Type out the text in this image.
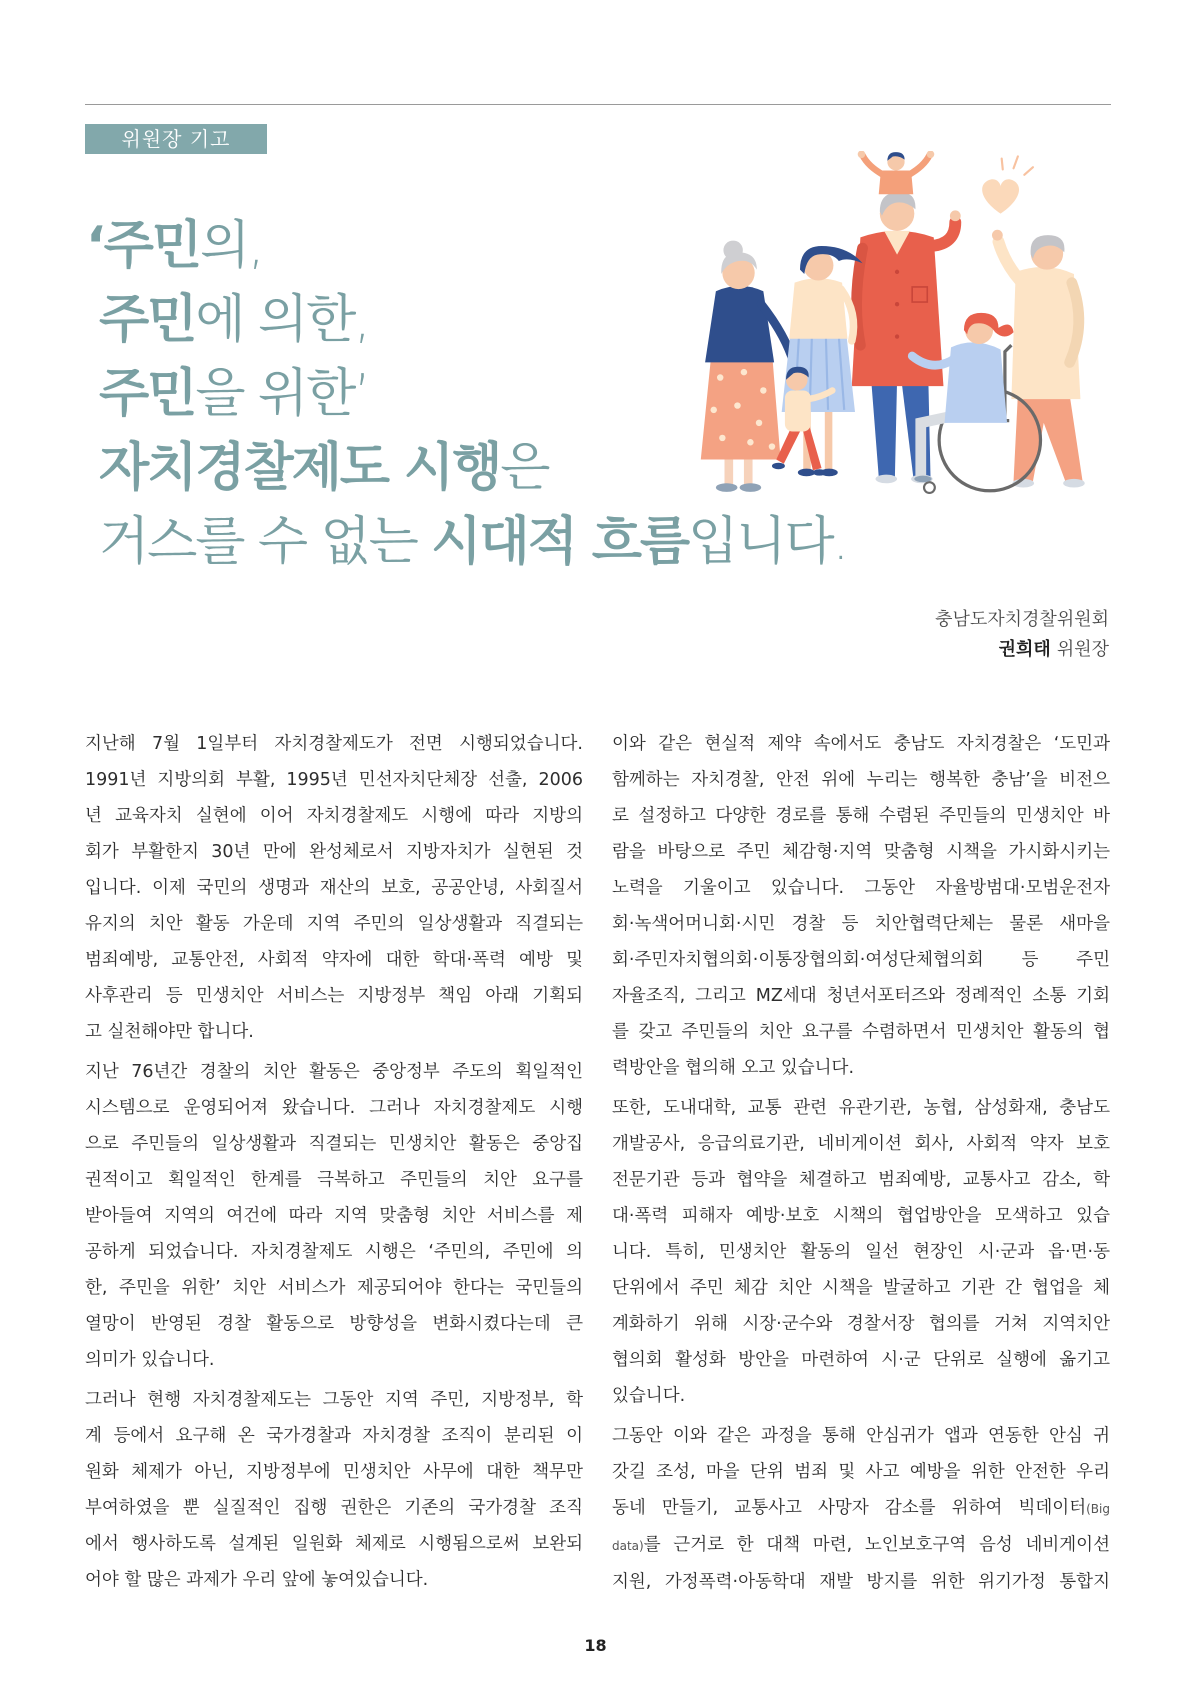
위원장 기고
‘주민의,
주민에 의한,
주민을 위한’
자치경찰제도 시행은
거스를 수 없는 시대적 흐름입니다.
충남도자치경찰위원회
권희태 위원장
지난해 7월 1일부터 자치경찰제도가 전면 시행되었습니다.
1991년 지방의회 부활, 1995년 민선자치단체장 선출, 2006
년 교육자치 실현에 이어 자치경찰제도 시행에 따라 지방의
회가 부활한지 30년 만에 완성체로서 지방자치가 실현된 것
입니다. 이제 국민의 생명과 재산의 보호, 공공안녕, 사회질서
유지의 치안 활동 가운데 지역 주민의 일상생활과 직결되는
범죄예방, 교통안전, 사회적 약자에 대한 학대·폭력 예방 및
사후관리 등 민생치안 서비스는 지방정부 책임 아래 기획되
고 실천해야만 합니다.
지난 76년간 경찰의 치안 활동은 중앙정부 주도의 획일적인
시스템으로 운영되어져 왔습니다. 그러나 자치경찰제도 시행
으로 주민들의 일상생활과 직결되는 민생치안 활동은 중앙집
권적이고 획일적인 한계를 극복하고 주민들의 치안 요구를
받아들여 지역의 여건에 따라 지역 맞춤형 치안 서비스를 제
공하게 되었습니다. 자치경찰제도 시행은 ‘주민의, 주민에 의
한, 주민을 위한’ 치안 서비스가 제공되어야 한다는 국민들의
열망이 반영된 경찰 활동으로 방향성을 변화시켰다는데 큰
의미가 있습니다.
그러나 현행 자치경찰제도는 그동안 지역 주민, 지방정부, 학
계 등에서 요구해 온 국가경찰과 자치경찰 조직이 분리된 이
원화 체제가 아닌, 지방정부에 민생치안 사무에 대한 책무만
부여하였을 뿐 실질적인 집행 권한은 기존의 국가경찰 조직
에서 행사하도록 설계된 일원화 체제로 시행됨으로써 보완되
어야 할 많은 과제가 우리 앞에 놓여있습니다.
이와 같은 현실적 제약 속에서도 충남도 자치경찰은 ‘도민과
함께하는 자치경찰, 안전 위에 누리는 행복한 충남’을 비전으
로 설정하고 다양한 경로를 통해 수렴된 주민들의 민생치안 바
람을 바탕으로 주민 체감형·지역 맞춤형 시책을 가시화시키는
노력을 기울이고 있습니다. 그동안 자율방범대·모범운전자
회·녹색어머니회·시민 경찰 등 치안협력단체는 물론 새마을
회·주민자치협의회·이통장협의회·여성단체협의회 등 주민
자율조직, 그리고 MZ세대 청년서포터즈와 정례적인 소통 기회
를 갖고 주민들의 치안 요구를 수렴하면서 민생치안 활동의 협
력방안을 협의해 오고 있습니다.
또한, 도내대학, 교통 관련 유관기관, 농협, 삼성화재, 충남도
개발공사, 응급의료기관, 네비게이션 회사, 사회적 약자 보호
전문기관 등과 협약을 체결하고 범죄예방, 교통사고 감소, 학
대·폭력 피해자 예방·보호 시책의 협업방안을 모색하고 있습
니다. 특히, 민생치안 활동의 일선 현장인 시·군과 읍·면·동
단위에서 주민 체감 치안 시책을 발굴하고 기관 간 협업을 체
계화하기 위해 시장·군수와 경찰서장 협의를 거쳐 지역치안
협의회 활성화 방안을 마련하여 시·군 단위로 실행에 옮기고
있습니다.
그동안 이와 같은 과정을 통해 안심귀가 앱과 연동한 안심 귀
갓길 조성, 마을 단위 범죄 및 사고 예방을 위한 안전한 우리
동네 만들기, 교통사고 사망자 감소를 위하여 빅데이터(Big
data)를 근거로 한 대책 마련, 노인보호구역 음성 네비게이션
지원, 가정폭력·아동학대 재발 방지를 위한 위기가정 통합지
18
